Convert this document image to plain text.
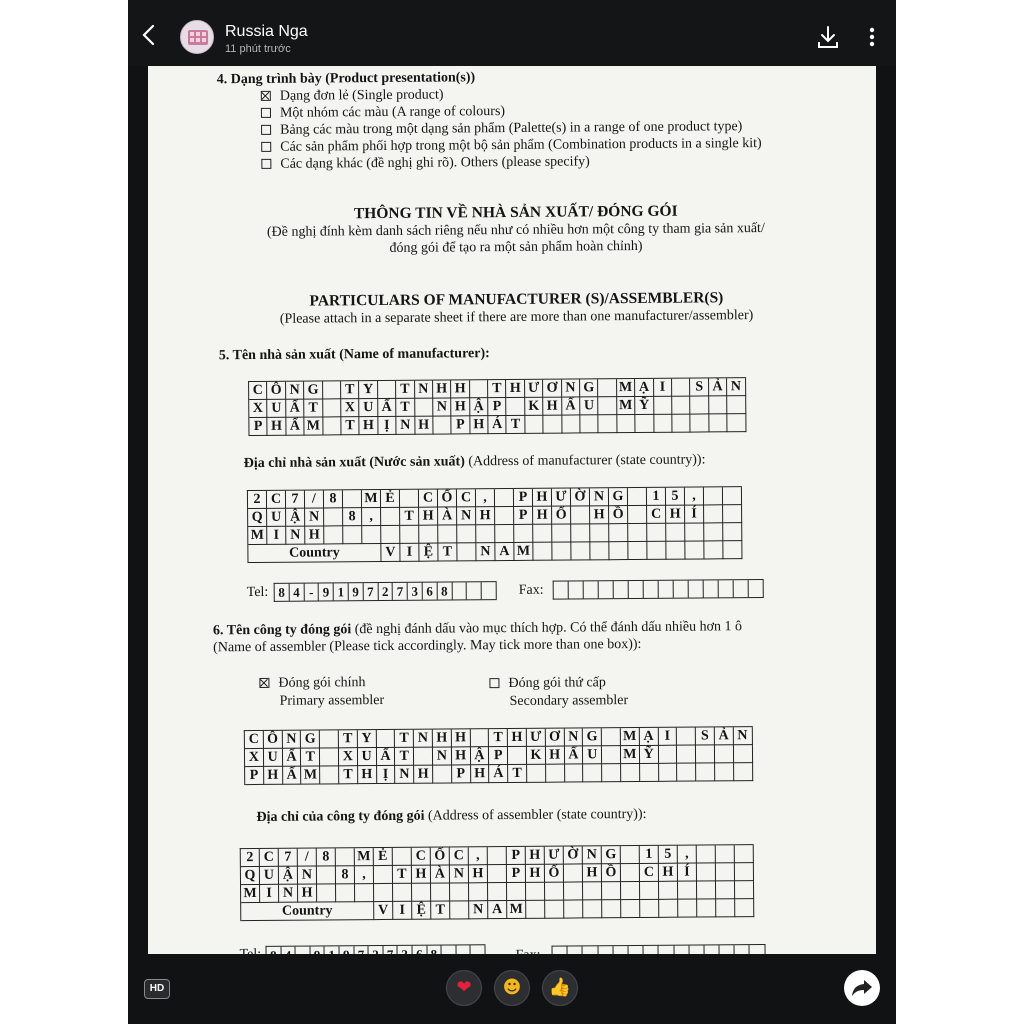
Russia Nga
11 phút trước
4. Dạng trình bày (Product presentation(s))
Dạng đơn lẻ (Single product)
Một nhóm các màu (A range of colours)
Bảng các màu trong một dạng sản phẩm (Palette(s) in a range of one product type)
Các sản phẩm phối hợp trong một bộ sản phẩm (Combination products in a single kit)
Các dạng khác (đề nghị ghi rõ). Others (please specify)
THÔNG TIN VỀ NHÀ SẢN XUẤT/ ĐÓNG GÓI
(Đề nghị đính kèm danh sách riêng nếu như có nhiều hơn một công ty tham gia sản xuất/
đóng gói để tạo ra một sản phẩm hoàn chỉnh)
PARTICULARS OF MANUFACTURER (S)/ASSEMBLER(S)
(Please attach in a separate sheet if there are more than one manufacturer/assembler)
5. Tên nhà sản xuất (Name of manufacturer):
C Ô N G	T Y	T N H H	T H Ư Ơ N G	M Ạ I	S Ả N
X U Ấ T	X U Ấ T	N H Ậ P	K H Ẩ U	M Ỹ
P H Ẩ M T H Ị N H	P H Á T
Địa chỉ nhà sản xuất (Nước sản xuất) (Address of manufacturer (state country)):
2 C 7 / 8	M Ẻ	C Ố C ,	P H Ư Ờ N G	1 5 ,
Q U Ậ N	8 ,	T H À N H	P H Ố	H Ồ	C H Í
M I N H
Country	V I Ệ T	N A M
Tel: 8 4 - 9 1 9 7 2 7 3 6 8	Fax:
6. Tên công ty đóng gói (đề nghị đánh dấu vào mục thích hợp. Có thể đánh dấu nhiều hơn 1 ô
(Name of assembler (Please tick accordingly. May tick more than one box)):
Đóng gói chính
Primary assembler
Đóng gói thứ cấp
Secondary assembler
C Ô N G	T Y	T N H H	T H Ư Ơ N G	M Ạ I	S Ả N
X U Ấ T	X U Ấ T	N H Ậ P	K H Ẩ U	M Ỹ
P H Ẩ M	T H Ị N H	P H Á T
Địa chỉ của công ty đóng gói (Address of assembler (state country)):
2 C 7 / 8	M Ẻ	C Ố C ,	P H Ư Ờ N G	1 5 ,
Q U Ậ N	8 ,	T H À N H	P H Ố	H Ồ	C H Í
M I N H
Country	V I Ệ T	N A M
HD	❤	☻	👍
